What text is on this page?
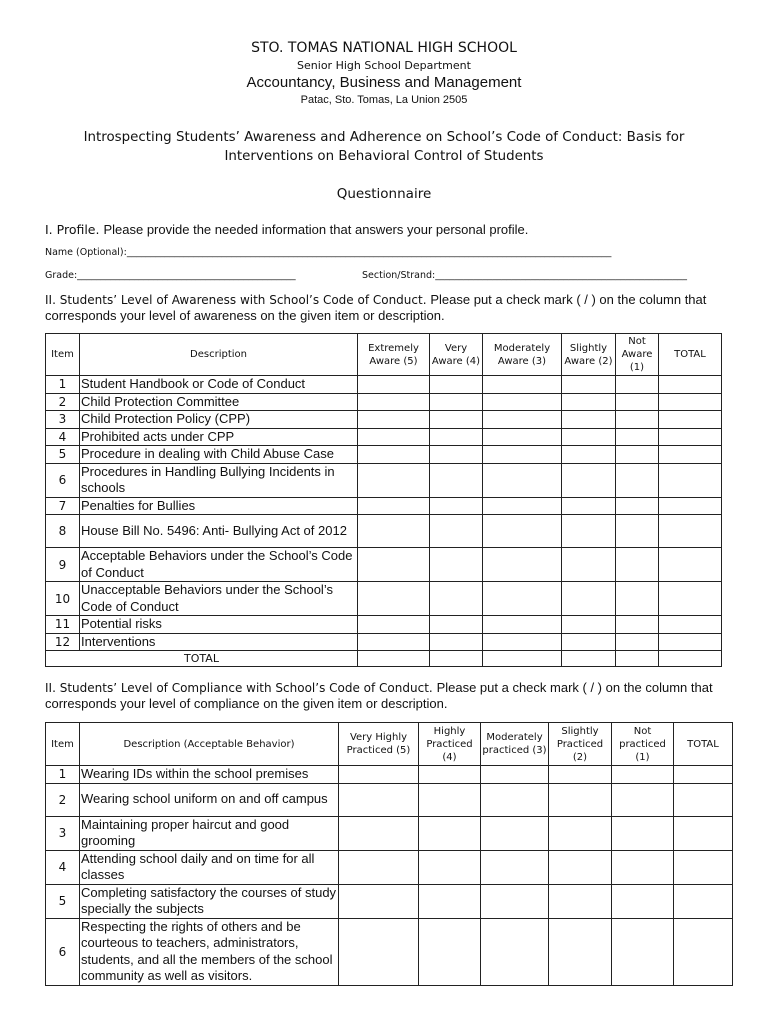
STO. TOMAS NATIONAL HIGH SCHOOL
Senior High School Department
Accountancy, Business and Management
Patac, Sto. Tomas, La Union 2505
Introspecting Students’ Awareness and Adherence on School’s Code of Conduct: Basis for Interventions on Behavioral Control of Students
Questionnaire
I. Profile. Please provide the needed information that answers your personal profile.
Name (Optional):______________________________________________________________________________________________________
Grade:______________________________________________	Section/Strand:_____________________________________________________
II. Students’ Level of Awareness with School’s Code of Conduct. Please put a check mark ( / ) on the column that corresponds your level of awareness on the given item or description.
Item	Description	Extremely Aware (5)	Very Aware (4)	Moderately Aware (3)	Slightly Aware (2)	Not Aware (1)	TOTAL
1	Student Handbook or Code of Conduct						
2	Child Protection Committee						
3	Child Protection Policy (CPP)						
4	Prohibited acts under CPP						
5	Procedure in dealing with Child Abuse Case						
6	Procedures in Handling Bullying Incidents in schools						
7	Penalties for Bullies						
8	House Bill No. 5496: Anti- Bullying Act of 2012						
9	Acceptable Behaviors under the School’s Code of Conduct						
10	Unacceptable Behaviors under the School’s Code of Conduct						
11	Potential risks						
12	Interventions						
TOTAL							
II. Students’ Level of Compliance with School’s Code of Conduct. Please put a check mark ( / ) on the column that corresponds your level of compliance on the given item or description.
Item	Description (Acceptable Behavior)	Very Highly Practiced (5)	Highly Practiced (4)	Moderately practiced (3)	Slightly Practiced (2)	Not practiced (1)	TOTAL
1	Wearing IDs within the school premises						
2	Wearing school uniform on and off campus						
3	Maintaining proper haircut and good grooming						
4	Attending school daily and on time for all classes						
5	Completing satisfactory the courses of study specially the subjects						
6	Respecting the rights of others and be courteous to teachers, administrators, students, and all the members of the school community as well as visitors.						
